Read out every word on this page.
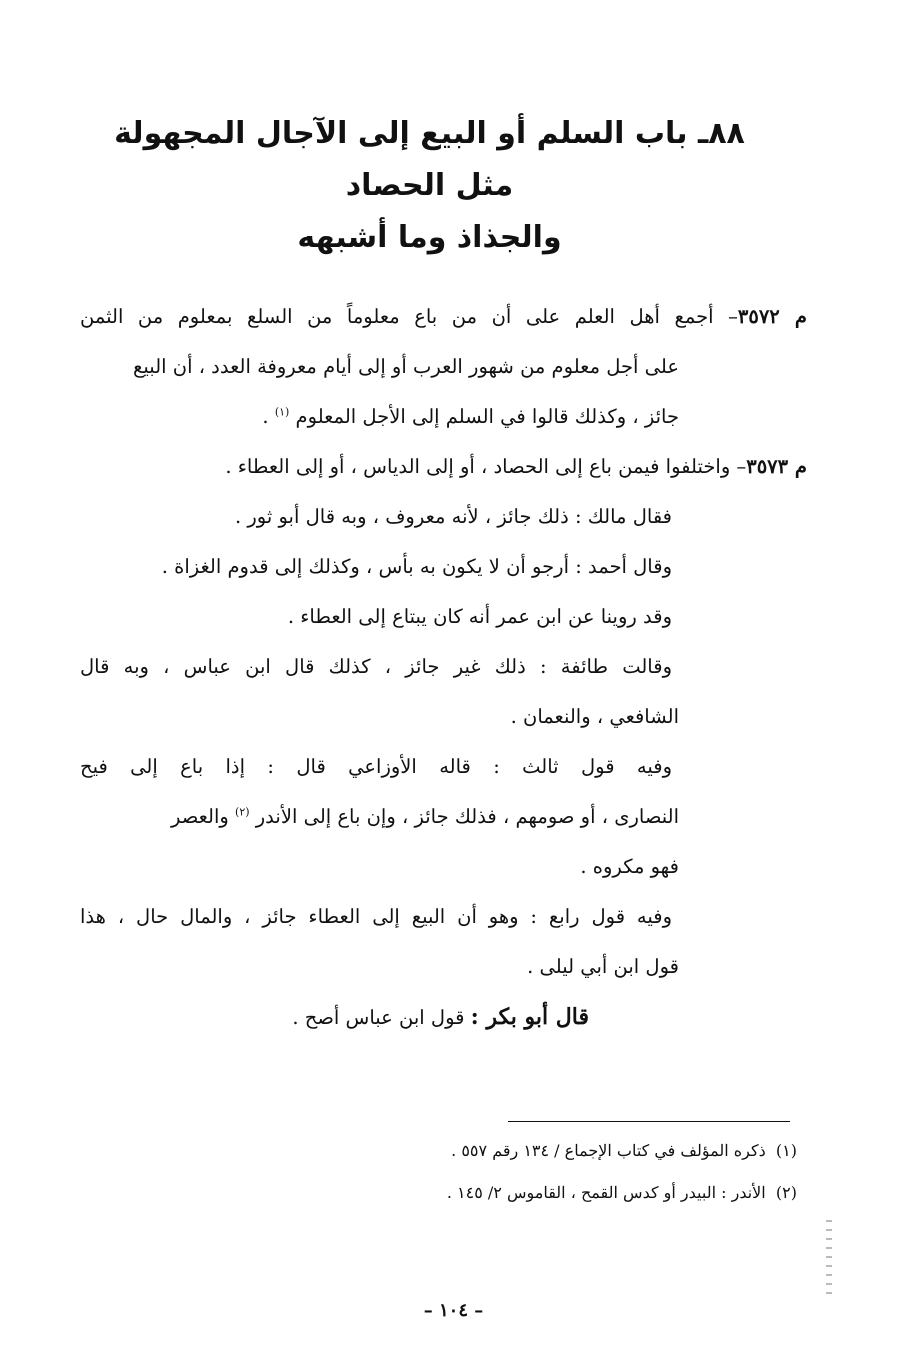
٨٨ـ باب السلم أو البيع إلى الآجال المجهولة مثل الحصاد
والجذاذ وما أشبهه
م ٣٥٧٢– أجمع أهل العلم على أن من باع معلوماً من السلع بمعلوم من الثمن
على أجل معلوم من شهور العرب أو إلى أيام معروفة العدد ، أن البيع
جائز ، وكذلك قالوا في السلم إلى الأجل المعلوم $^{(١)}$ .
م ٣٥٧٣– واختلفوا فيمن باع إلى الحصاد ، أو إلى الدياس ، أو إلى العطاء .
فقال مالك : ذلك جائز ، لأنه معروف ، وبه قال أبو ثور .
وقال أحمد : أرجو أن لا يكون به بأس ، وكذلك إلى قدوم الغزاة .
وقد روينا عن ابن عمر أنه كان يبتاع إلى العطاء .
وقالت طائفة : ذلك غير جائز ، كذلك قال ابن عباس ، وبه قال
الشافعي ، والنعمان .
وفيه قول ثالث : قاله الأوزاعي قال : إذا باع إلى فيح
النصارى ، أو صومهم ، فذلك جائز ، وإن باع إلى الأندر $^{(٢)}$ والعصر
فهو مكروه .
وفيه قول رابع : وهو أن البيع إلى العطاء جائز ، والمال حال ، هذا
قول ابن أبي ليلى .
قال أبو بكر : قول ابن عباس أصح .
(١)  ذكره المؤلف في كتاب الإجماع / ١٣٤ رقم ٥٥٧ .
(٢)  الأندر : البيدر أو كدس القمح ، القاموس ٢/ ١٤٥ .
– ١٠٤ –
